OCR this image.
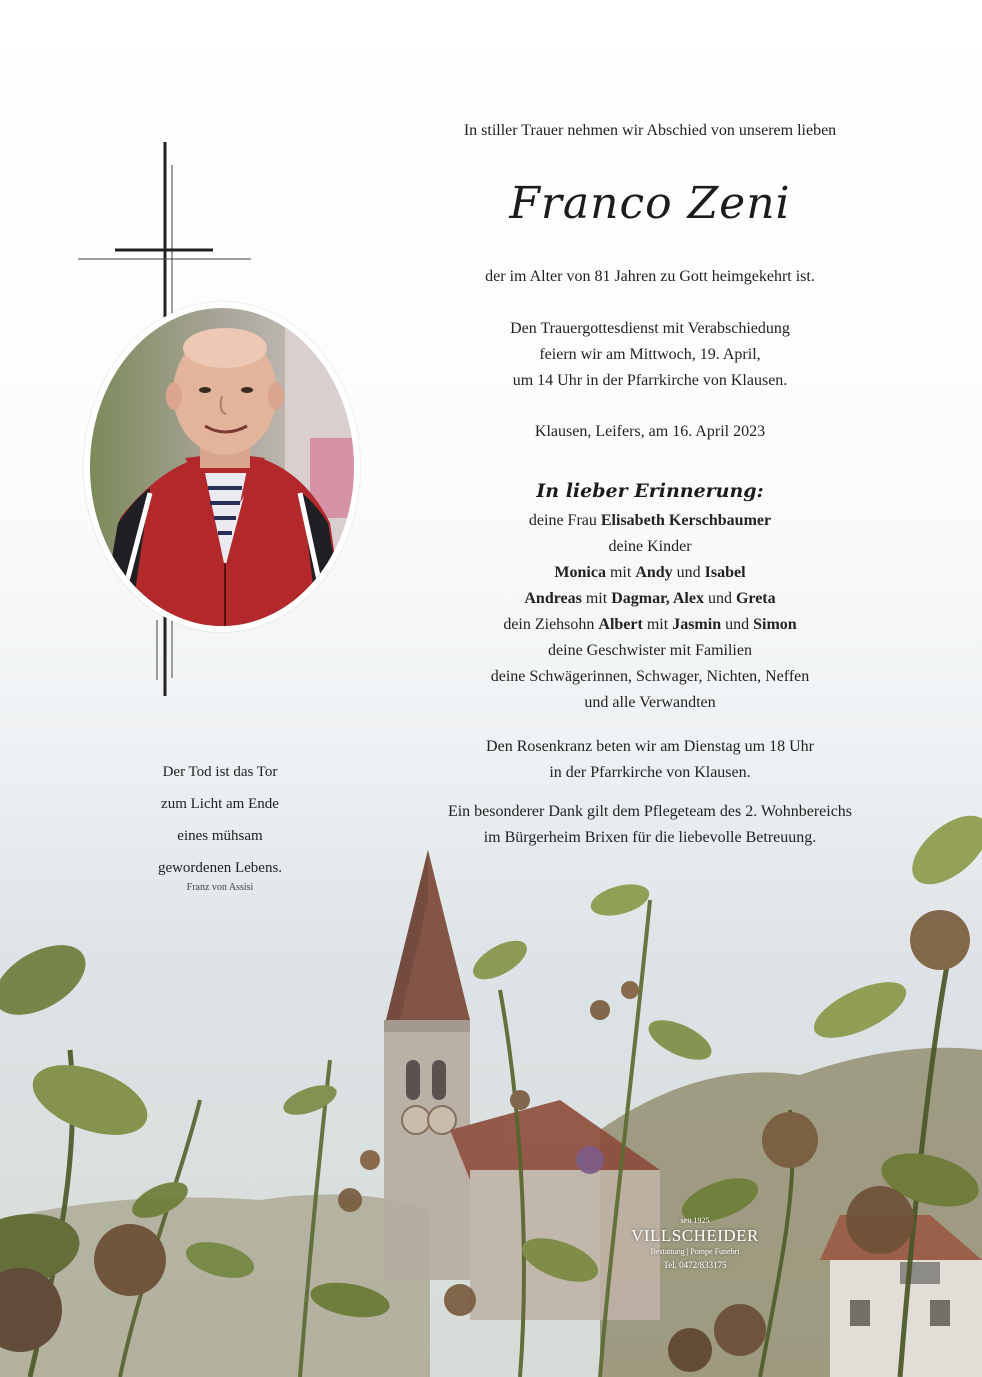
In stiller Trauer nehmen wir Abschied von unserem lieben
Franco Zeni
der im Alter von 81 Jahren zu Gott heimgekehrt ist.
Den Trauergottesdienst mit Verabschiedung
feiern wir am Mittwoch, 19. April,
um 14 Uhr in der Pfarrkirche von Klausen.
Klausen, Leifers, am 16. April 2023
In lieber Erinnerung:
deine Frau Elisabeth Kerschbaumer
deine Kinder
Monica mit Andy und Isabel
Andreas mit Dagmar, Alex und Greta
dein Ziehsohn Albert mit Jasmin und Simon
deine Geschwister mit Familien
deine Schwägerinnen, Schwager, Nichten, Neffen
und alle Verwandten
Den Rosenkranz beten wir am Dienstag um 18 Uhr
in der Pfarrkirche von Klausen.
Ein besonderer Dank gilt dem Pflegeteam des 2. Wohnbereichs
im Bürgerheim Brixen für die liebevolle Betreuung.
Der Tod ist das Tor
zum Licht am Ende
eines mühsam
gewordenen Lebens.
Franz von Assisi
seit 1925
VILLSCHEIDER
Bestattung | Pompe Funebri
Tel. 0472/833175
